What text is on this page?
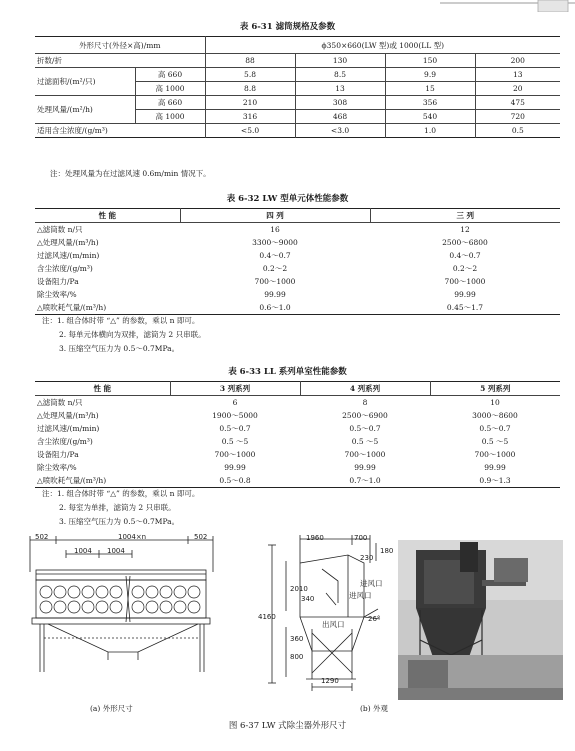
表 6-31 滤筒规格及参数
外形尺寸(外径×高)/mm		ϕ350×660(LW 型)或 1000(LL 型)			
折数/折		88	130	150	200
过滤面积/(m²/只)	高 660	5.8	8.5	9.9	13
	高 1000	8.8	13	15	20
处理风量/(m²/h)	高 660	210	308	356	475
	高 1000	316	468	540	720
适用含尘浓度/(g/m³)		<5.0	<3.0	1.0	0.5
注：处理风量为在过滤风速 0.6m/min 情况下。
表 6-32 LW 型单元体性能参数
性 能	四 列	三 列
△滤筒数 n/只	16	12
△处理风量/(m³/h)	3300～9000	2500～6800
过滤风速/(m/min)	0.4～0.7	0.4～0.7
含尘浓度/(g/m³)	0.2～2	0.2～2
设备阻力/Pa	700～1000	700～1000
除尘效率/%	99.99	99.99
△喷吹耗气量/(m³/h)	0.6～1.0	0.45～1.7
注：1. 组合体时带 “△” 的参数，乘以 n 即可。
2. 每单元体横向为双排，滤筒为 2 只串联。
3. 压缩空气压力为 0.5～0.7MPa。
表 6-33 LL 系列单室性能参数
性 能	3 列系列	4 列系列	5 列系列
△滤筒数 n/只	6	8	10
△处理风量/(m³/h)	1900～5000	2500～6900	3000～8600
过滤风速/(m/min)	0.5～0.7	0.5～0.7	0.5～0.7
含尘浓度/(g/m³)	0.5 ～5	0.5 ～5	0.5 ～5
设备阻力/Pa	700～1000	700～1000	700～1000
除尘效率/%	99.99	99.99	99.99
△喷吹耗气量/(m³/h)	0.5～0.8	0.7～1.0	0.9～1.3
注：1. 组合体时带 “△” 的参数，乘以 n 即可。
2. 每室为单排，滤筒为 2 只串联。
3. 压缩空气压力为 0.5～0.7MPa。
502	1004×n	502
1004 1004
1960	700
180
230
2010
340
4160
360
800
1290
26°
进风口
进风口
出风口
(a) 外形尺寸	(b) 外观
图 6-37 LW 式除尘器外形尺寸
